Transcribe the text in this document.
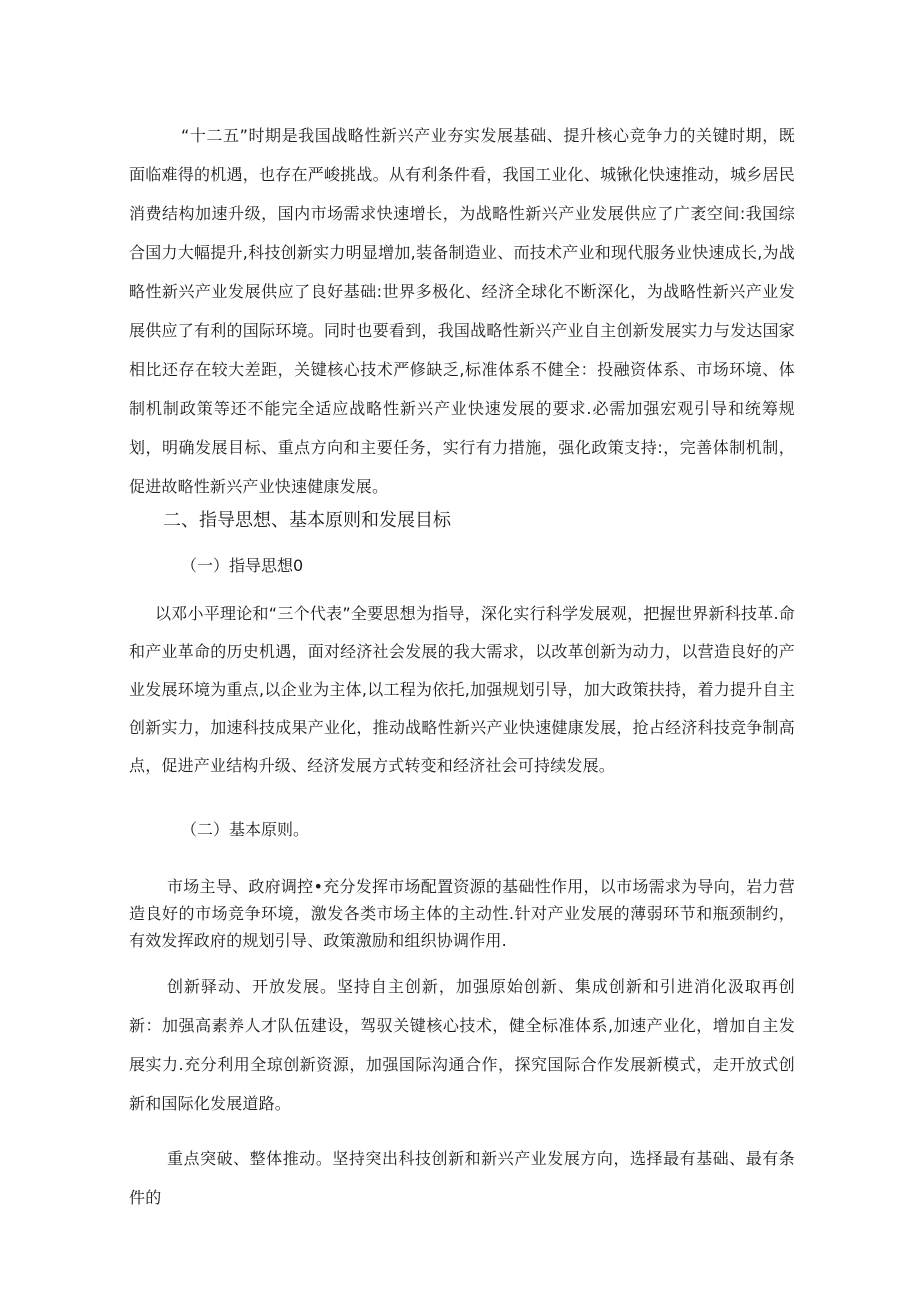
“十二五”时期是我国战略性新兴产业夯实发展基础、提升核心竞争力的关键时期，既面临难得的机遇，也存在严峻挑战。从有利条件看，我国工业化、城锹化快速推动，城乡居民消费结构加速升级，国内市场需求快速增长，为战略性新兴产业发展供应了广袤空间:我国综合国力大幅提升,科技创新实力明显增加,装备制造业、而技术产业和现代服务业快速成长,为战略性新兴产业发展供应了良好基础:世界多极化、经济全球化不断深化，为战略性新兴产业发展供应了有利的国际环境。同时也要看到，我国战略性新兴产业自主创新发展实力与发达国家相比还存在较大差距，关键核心技术严修缺乏,标准体系不健全：投融资体系、市场环境、体制机制政策等还不能完全适应战略性新兴产业快速发展的要求.必需加强宏观引导和统筹规划，明确发展目标、重点方向和主要任务，实行有力措施，强化政策支持:，完善体制机制，促进故略性新兴产业快速健康发展。

二、指导思想、基本原则和发展目标
（一）指导思想0

以邓小平理论和“三个代表”全要思想为指导，深化实行科学发展观，把握世界新科技革.命和产业革命的历史机遇，面对经济社会发展的我大需求，以改革创新为动力，以营造良好的产业发展环境为重点,以企业为主体,以工程为依托,加强规划引导，加大政策扶持，着力提升自主创新实力，加速科技成果产业化，推动战略性新兴产业快速健康发展，抢占经济科技竞争制高点，促进产业结构升级、经济发展方式转变和经济社会可持续发展。

（二）基本原则。

市场主导、政府调控•充分发挥市场配置资源的基础性作用，以市场需求为导向，岩力营造良好的市场竞争环境，激发各类市场主体的主动性.针对产业发展的薄弱环节和瓶颈制约，有效发挥政府的规划引导、政策激励和组织协调作用.

创新驿动、开放发展。坚持自主创新，加强原始创新、集成创新和引进消化汲取再创新：加强高素养人才队伍建设，驾驭关键核心技术，健全标准体系,加速产业化，增加自主发展实力.充分利用全琼创新资源，加强国际沟通合作，探究国际合作发展新模式，走开放式创新和国际化发展道路。

重点突破、整体推动。坚持突出科技创新和新兴产业发展方向，选择最有基础、最有条件的
